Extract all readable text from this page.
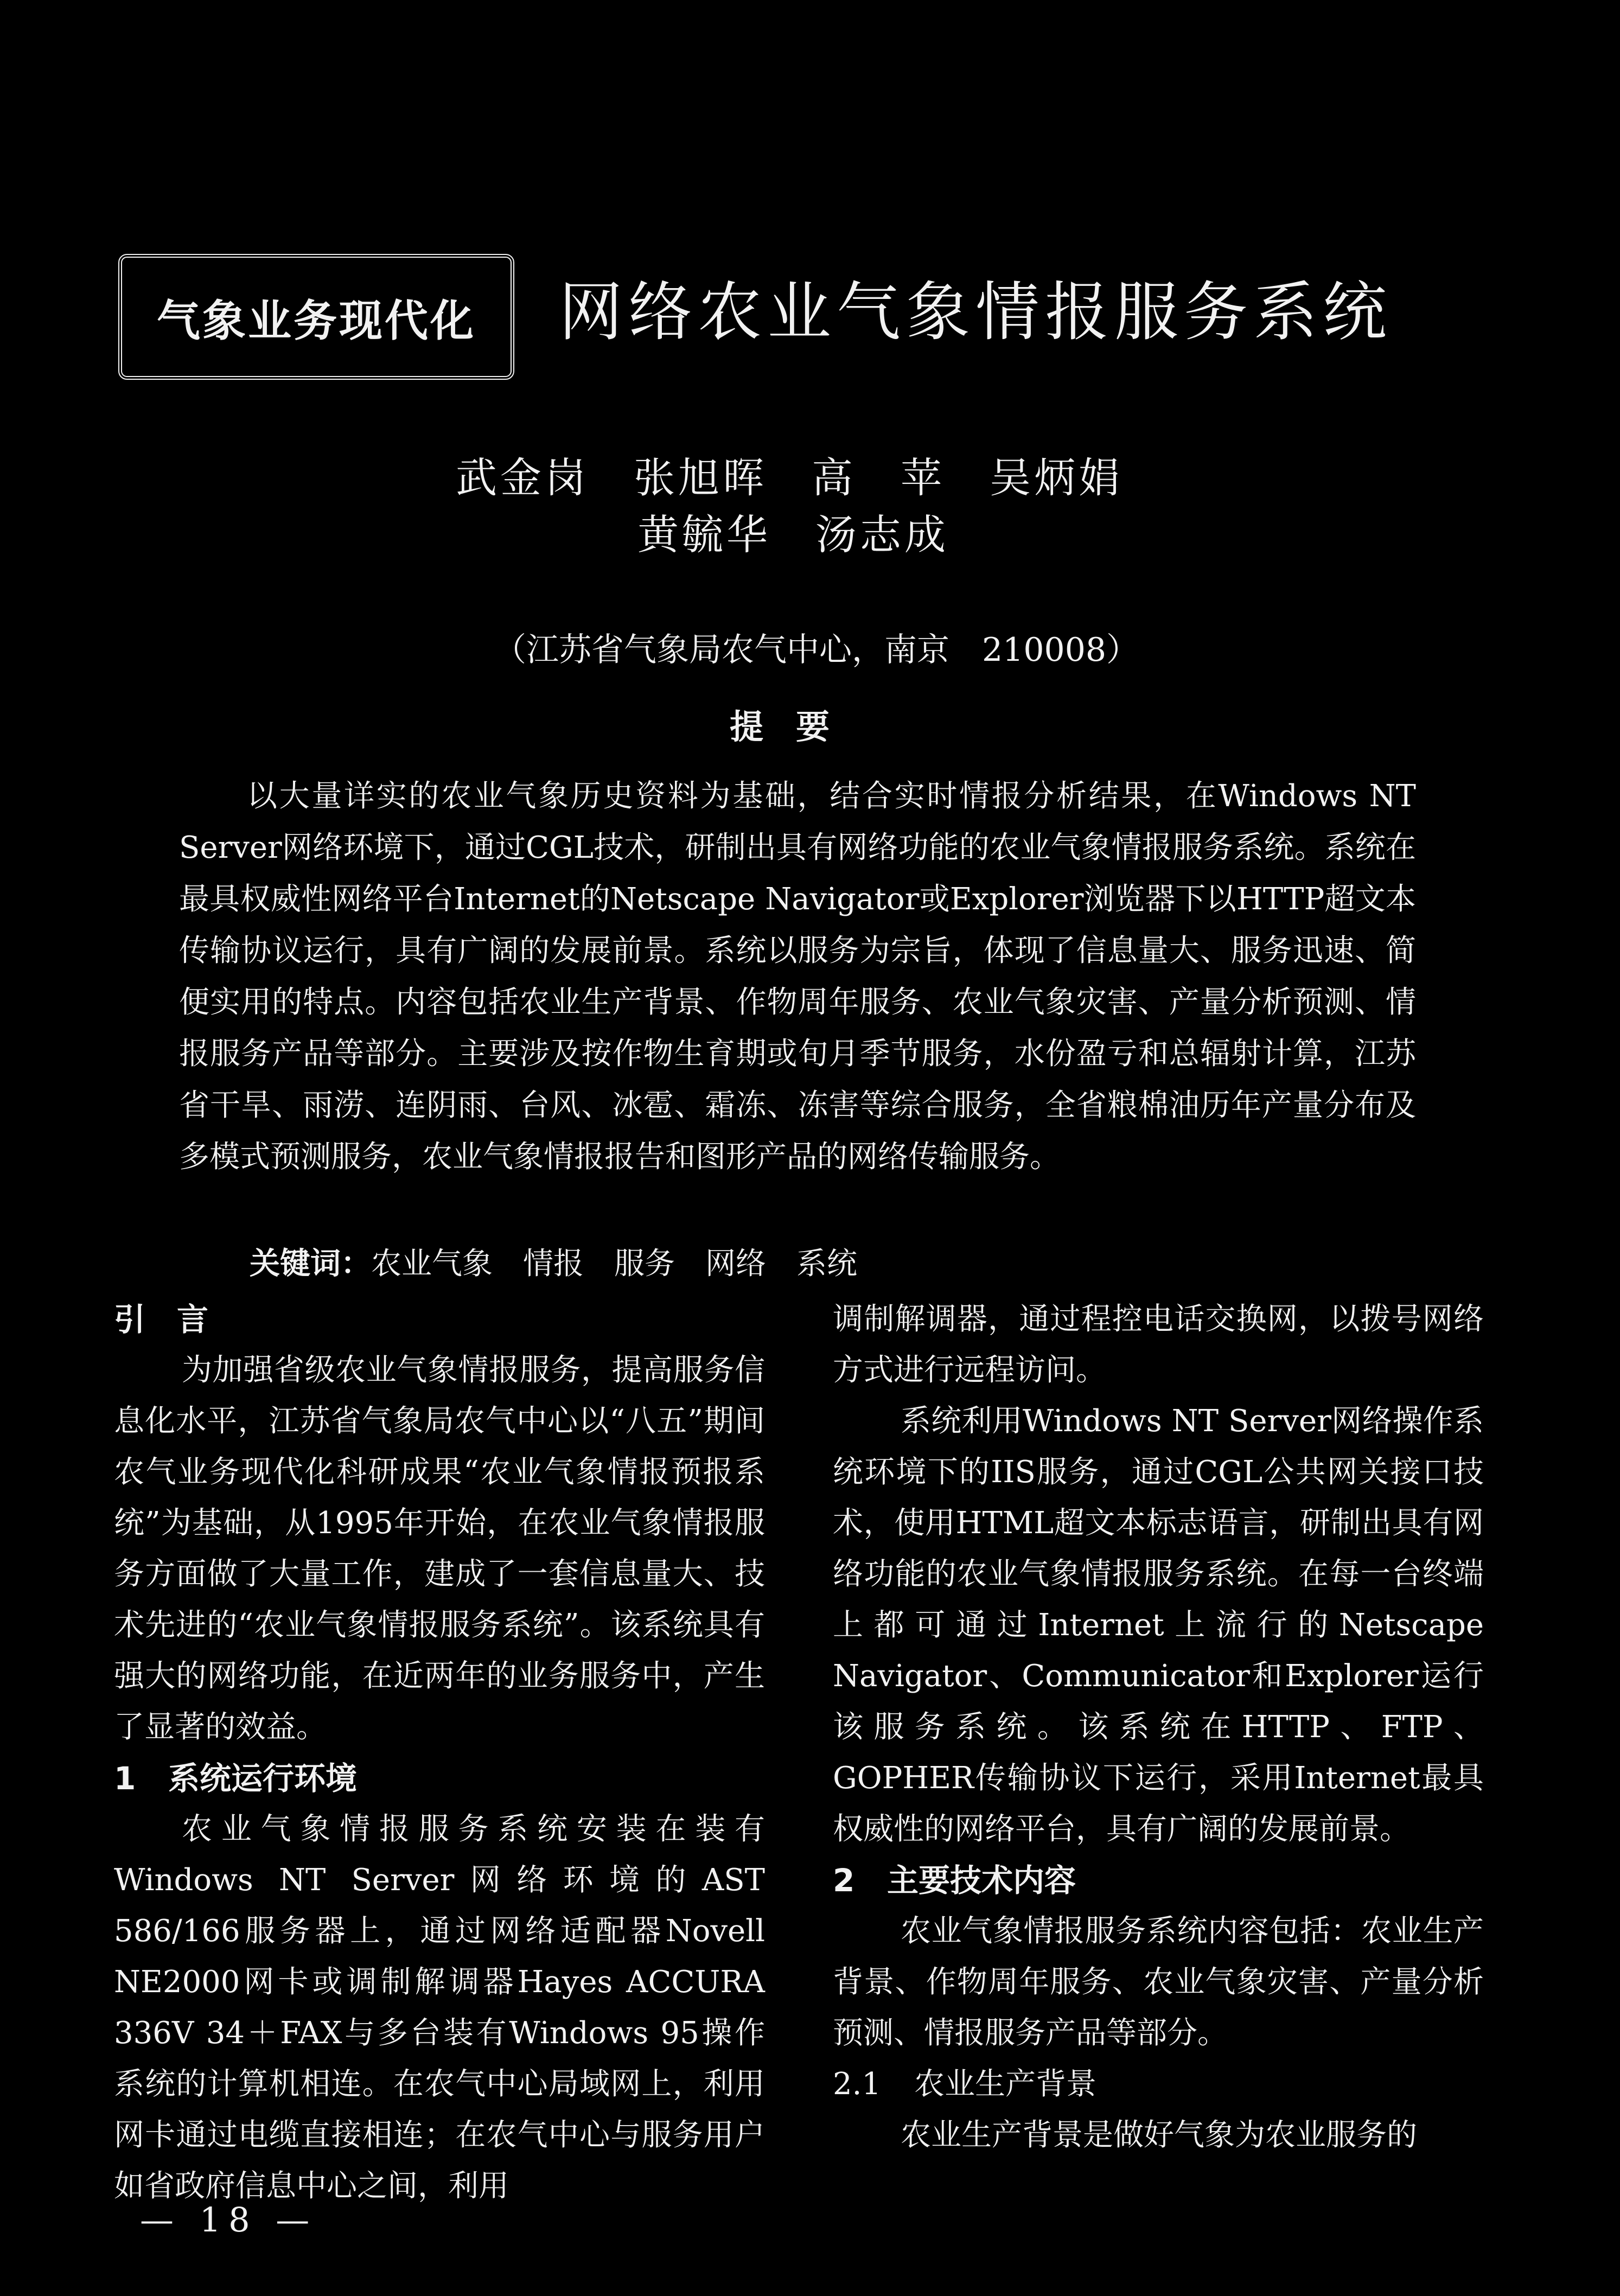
气象业务现代化 网络农业气象情报服务系统
武金岗　张旭晖　高　苹　吴炳娟
黄毓华　汤志成
（江苏省气象局农气中心，南京　210008）
提要
以大量详实的农业气象历史资料为基础，结合实时情报分析结果，在Windows NT Server网络环境下，通过CGL技术，研制出具有网络功能的农业气象情报服务系统。系统在最具权威性网络平台Internet的Netscape Navigator或Explorer浏览器下以HTTP超文本传输协议运行，具有广阔的发展前景。系统以服务为宗旨，体现了信息量大、服务迅速、简便实用的特点。内容包括农业生产背景、作物周年服务、农业气象灾害、产量分析预测、情报服务产品等部分。主要涉及按作物生育期或旬月季节服务，水份盈亏和总辐射计算，江苏省干旱、雨涝、连阴雨、台风、冰雹、霜冻、冻害等综合服务，全省粮棉油历年产量分布及多模式预测服务，农业气象情报报告和图形产品的网络传输服务。
关键词：农业气象　情报　服务　网络　系统
引　言

为加强省级农业气象情报服务，提高服务信息化水平，江苏省气象局农气中心以“八五”期间农气业务现代化科研成果“农业气象情报预报系统”为基础，从1995年开始，在农业气象情报服务方面做了大量工作，建成了一套信息量大、技术先进的“农业气象情报服务系统”。该系统具有强大的网络功能，在近两年的业务服务中，产生了显著的效益。

1 系统运行环境

农业气象情报服务系统安装在装有Windows NT Server网络环境的AST 586/166服务器上，通过网络适配器Novell NE2000网卡或调制解调器Hayes ACCURA 336V 34＋FAX与多台装有Windows 95操作系统的计算机相连。在农气中心局域网上，利用网卡通过电缆直接相连；在农气中心与服务用户如省政府信息中心之间，利用

调制解调器，通过程控电话交换网，以拨号网络方式进行远程访问。

系统利用Windows NT Server网络操作系统环境下的IIS服务，通过CGL公共网关接口技术，使用HTML超文本标志语言，研制出具有网络功能的农业气象情报服务系统。在每一台终端上都可通过Internet上流行的Netscape Navigator、Communicator和Explorer运行该服务系统。该系统在HTTP、FTP、GOPHER传输协议下运行，采用Internet最具权威性的网络平台，具有广阔的发展前景。

2 主要技术内容

农业气象情报服务系统内容包括：农业生产背景、作物周年服务、农业气象灾害、产量分析预测、情报服务产品等部分。

2.1 农业生产背景

农业生产背景是做好气象为农业服务的

— 18 —
